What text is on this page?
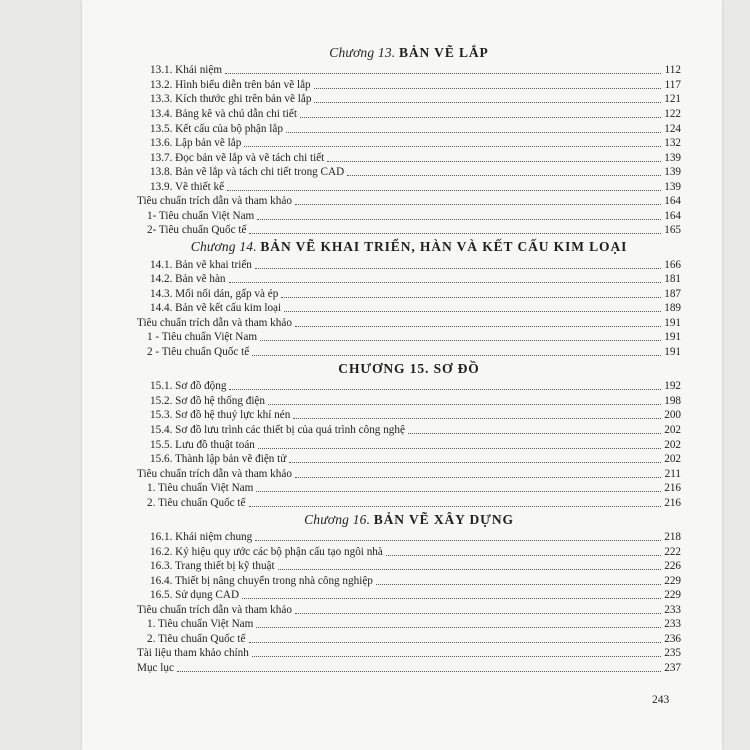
Chương 13. BẢN VẼ LẮP
13.1. Khái niệm	112
13.2. Hình biểu diễn trên bản vẽ lắp	117
13.3. Kích thước ghi trên bản vẽ lắp	121
13.4. Bảng kê và chú dẫn chi tiết	122
13.5. Kết cấu của bộ phận lắp	124
13.6. Lập bản vẽ lắp	132
13.7. Đọc bản vẽ lắp và vẽ tách chi tiết	139
13.8. Bản vẽ lắp và tách chi tiết trong CAD	139
13.9. Vẽ thiết kế	139
Tiêu chuẩn trích dẫn và tham khảo	164
1- Tiêu chuẩn Việt Nam	164
2- Tiêu chuẩn Quốc tế	165
Chương 14. BẢN VẼ KHAI TRIỂN, HÀN VÀ KẾT CẤU KIM LOẠI
14.1. Bản vẽ khai triển	166
14.2. Bản vẽ hàn	181
14.3. Mối nối dán, gấp và ép	187
14.4. Bản vẽ kết cấu kim loại	189
Tiêu chuẩn trích dẫn và tham khảo	191
1 - Tiêu chuẩn Việt Nam	191
2 - Tiêu chuẩn Quốc tế	191
CHƯƠNG 15. SƠ ĐỒ
15.1. Sơ đồ động	192
15.2. Sơ đồ hệ thống điện	198
15.3. Sơ đồ hệ thuỷ lực khí nén	200
15.4. Sơ đồ lưu trình các thiết bị của quá trình công nghệ	202
15.5. Lưu đồ thuật toán	202
15.6. Thành lập bản vẽ điện tử	202
Tiêu chuẩn trích dẫn và tham khảo	211
1. Tiêu chuẩn Việt Nam	216
2. Tiêu chuẩn Quốc tế	216
Chương 16. BẢN VẼ XÂY DỰNG
16.1. Khái niệm chung	218
16.2. Ký hiệu quy ước các bộ phận cấu tạo ngôi nhà	222
16.3. Trang thiết bị kỹ thuật	226
16.4. Thiết bị nâng chuyển trong nhà công nghiệp	229
16.5. Sử dụng CAD	229
Tiêu chuẩn trích dẫn và tham khảo	233
1. Tiêu chuẩn Việt Nam	233
2. Tiêu chuẩn Quốc tế	236
Tài liệu tham khảo chính	235
Mục lục	237
243
